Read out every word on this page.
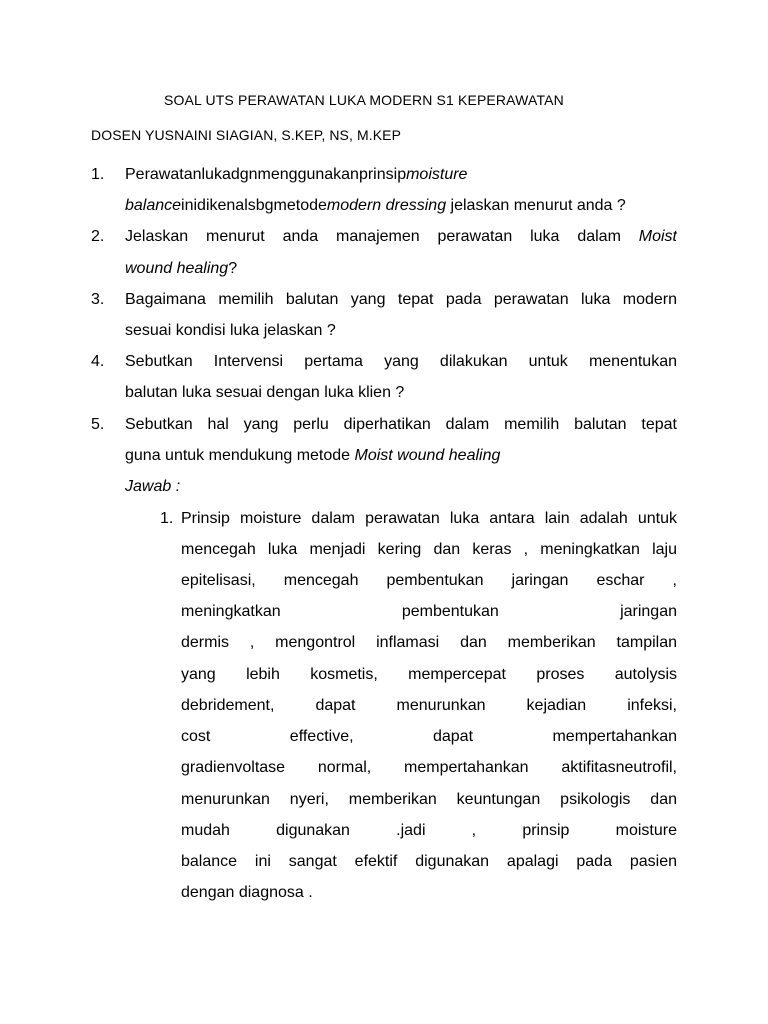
SOAL UTS PERAWATAN LUKA MODERN S1 KEPERAWATAN
DOSEN YUSNAINI SIAGIAN, S.KEP, NS, M.KEP
1. Perawatanlukadgnmenggunakanprinsipmoisture
balanceinidikenalsbgmetodemodern dressing jelaskan menurut anda ?
2. Jelaskan menurut anda manajemen perawatan luka dalam Moist
wound healing?
3. Bagaimana memilih balutan yang tepat pada perawatan luka modern
sesuai kondisi luka jelaskan ?
4. Sebutkan Intervensi pertama yang dilakukan untuk menentukan
balutan luka sesuai dengan luka klien ?
5. Sebutkan hal yang perlu diperhatikan dalam memilih balutan tepat
guna untuk mendukung metode Moist wound healing
Jawab :
1. Prinsip moisture dalam perawatan luka antara lain adalah untuk
mencegah luka menjadi kering dan keras , meningkatkan laju
epitelisasi, mencegah pembentukan jaringan eschar ,
meningkatkan pembentukan jaringan
dermis , mengontrol inflamasi dan memberikan tampilan
yang lebih kosmetis, mempercepat proses autolysis
debridement, dapat menurunkan kejadian infeksi,
cost effective, dapat mempertahankan
gradienvoltase normal, mempertahankan aktifitasneutrofil,
menurunkan nyeri, memberikan keuntungan psikologis dan
mudah digunakan .jadi , prinsip moisture
balance ini sangat efektif digunakan apalagi pada pasien
dengan diagnosa .
